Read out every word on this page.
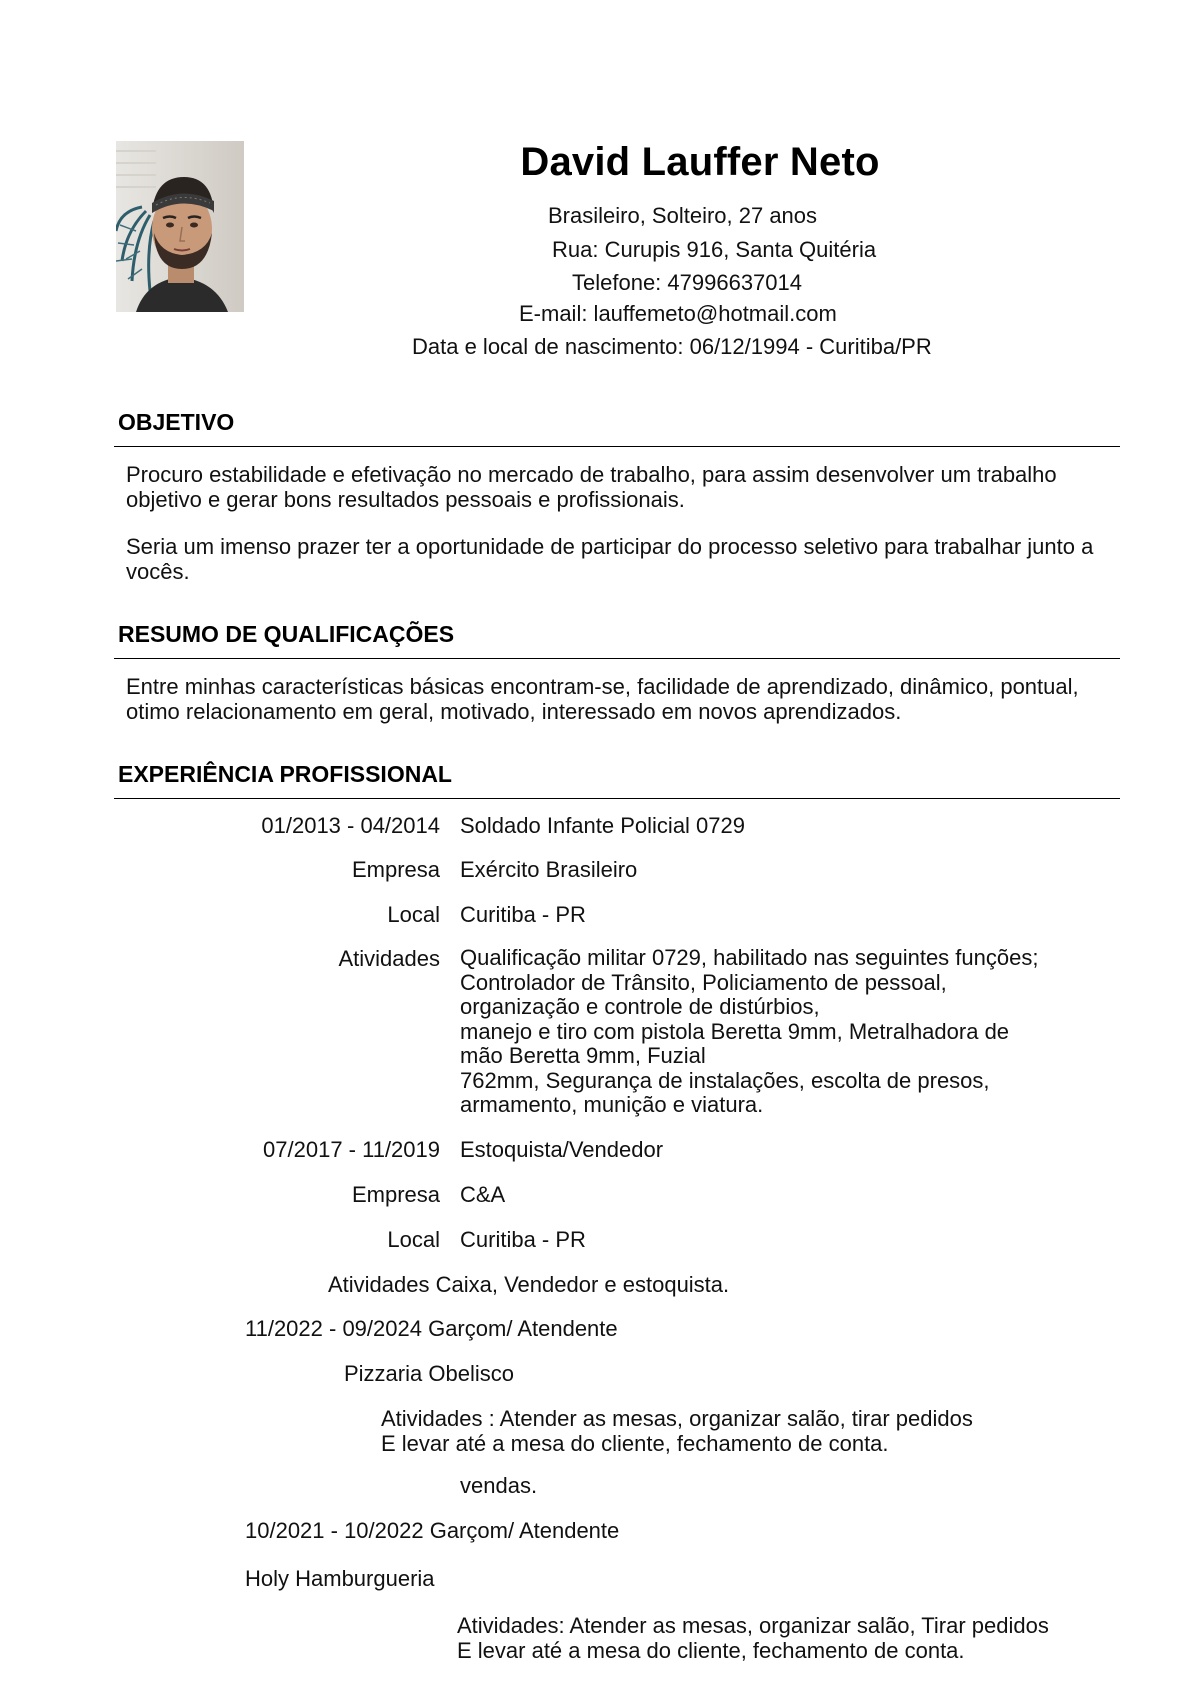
David Lauffer Neto
Brasileiro, Solteiro, 27 anos
Rua: Curupis 916, Santa Quitéria
Telefone: 47996637014
E-mail: lauffemeto@hotmail.com
Data e local de nascimento: 06/12/1994 - Curitiba/PR
OBJETIVO
Procuro estabilidade e efetivação no mercado de trabalho, para assim desenvolver um trabalho objetivo e gerar bons resultados pessoais e profissionais.
Seria um imenso prazer ter a oportunidade de participar do processo seletivo para trabalhar junto a vocês.
RESUMO DE QUALIFICAÇÕES
Entre minhas características básicas encontram-se, facilidade de aprendizado, dinâmico, pontual, otimo relacionamento em geral, motivado, interessado em novos aprendizados.
EXPERIÊNCIA PROFISSIONAL
01/2013 - 04/2014 Soldado Infante Policial 0729
Empresa Exército Brasileiro
Local Curitiba - PR
Atividades Qualificação militar 0729, habilitado nas seguintes funções;
Controlador de Trânsito, Policiamento de pessoal,
organização e controle de distúrbios,
manejo e tiro com pistola Beretta 9mm, Metralhadora de
mão Beretta 9mm, Fuzial
762mm, Segurança de instalações, escolta de presos,
armamento, munição e viatura.
07/2017 - 11/2019 Estoquista/Vendedor
Empresa C&A
Local Curitiba - PR
Atividades Caixa, Vendedor e estoquista.
11/2022 - 09/2024 Garçom/ Atendente
Pizzaria Obelisco
Atividades : Atender as mesas, organizar salão, tirar pedidos
E levar até a mesa do cliente, fechamento de conta.
vendas.
10/2021 - 10/2022 Garçom/ Atendente
Holy Hamburgueria
Atividades: Atender as mesas, organizar salão, Tirar pedidos
E levar até a mesa do cliente, fechamento de conta.
